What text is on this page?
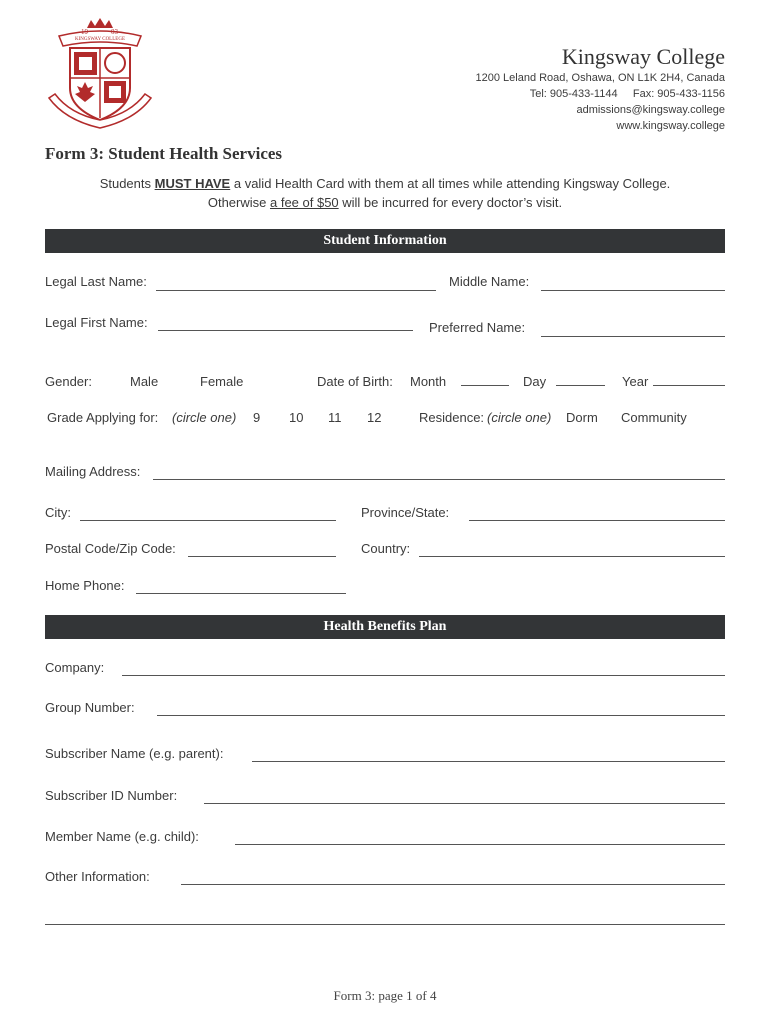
19	03
KINGSWAY COLLEGE
Kingsway College
1200 Leland Road, Oshawa, ON L1K 2H4, Canada
Tel: 905-433-1144 Fax: 905-433-1156
admissions@kingsway.college
www.kingsway.college
Form 3: Student Health Services
Students MUST HAVE a valid Health Card with them at all times while attending Kingsway College.
Otherwise a fee of $50 will be incurred for every doctor’s visit.
Student Information
Legal Last Name:	Middle Name:
Legal First Name:	Preferred Name:
Gender:	Male	Female	Date of Birth: Month	Day	Year
Grade Applying for: (circle one) 9 10 11 12	Residence: (circle one) Dorm Community
Mailing Address:
City:	Province/State:
Postal Code/Zip Code:	Country:
Home Phone:
Health Benefits Plan
Company:
Group Number:
Subscriber Name (e.g. parent):
Subscriber ID Number:
Member Name (e.g. child):
Other Information:
Form 3: page 1 of 4
